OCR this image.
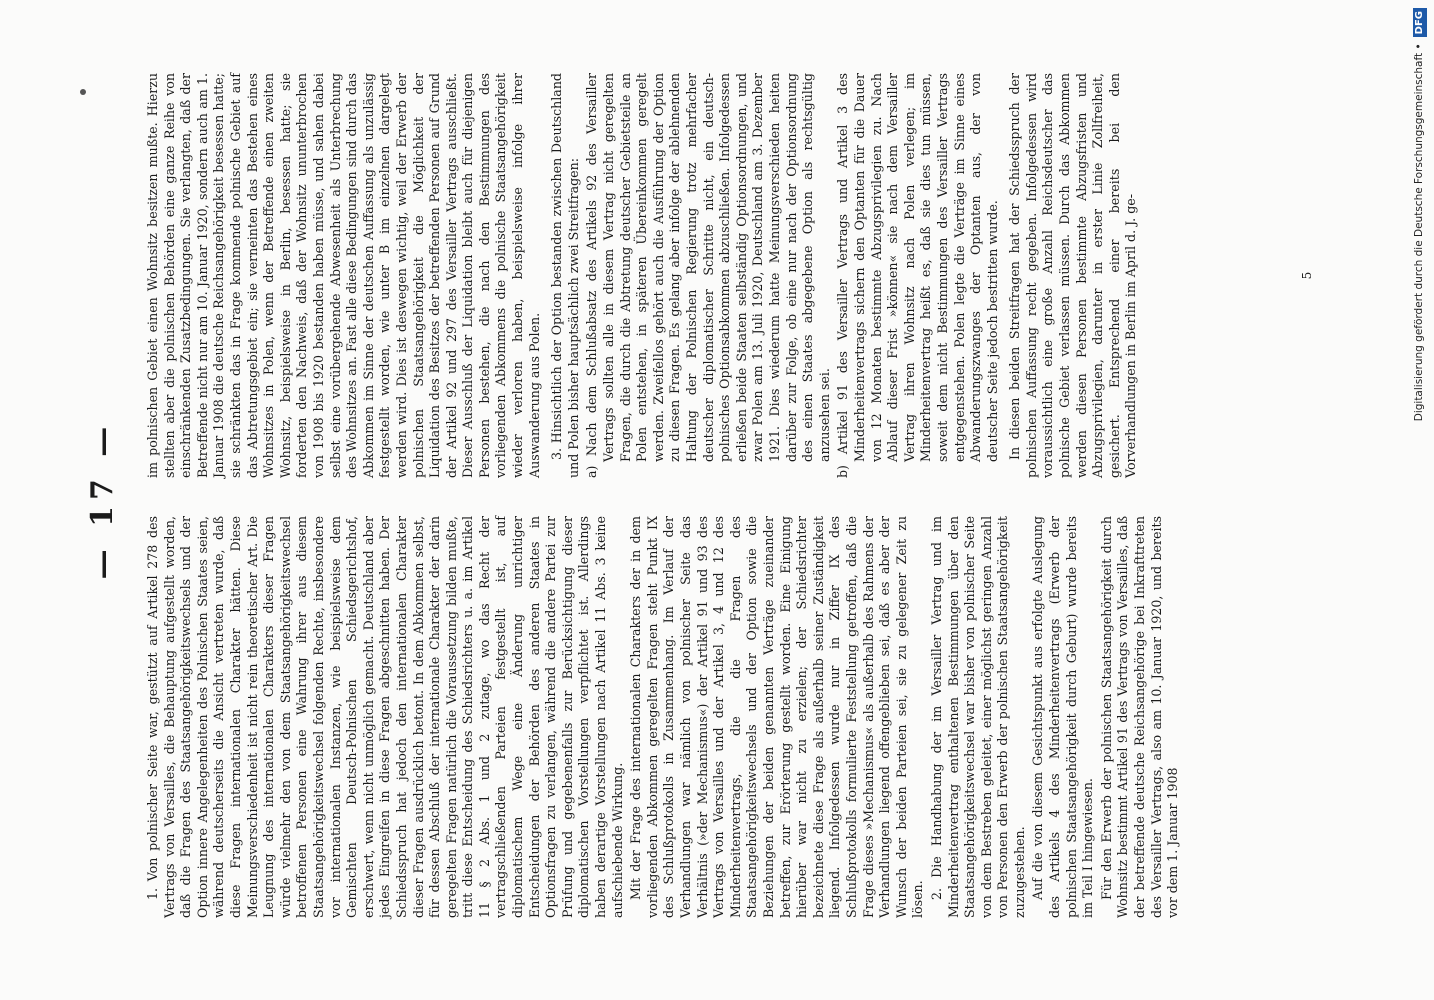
— 17 —

1. Von polnischer Seite war, gestützt auf Artikel 278 des Vertrags von Versailles, die Behauptung aufgestellt worden, daß die Fragen des Staatsangehörigkeitswechsels und der Option innere Angelegenheiten des Polnischen Staates seien, während deutscherseits die Ansicht vertreten wurde, daß diese Fragen internationalen Charakter hätten. Diese Meinungsverschiedenheit ist nicht rein theoretischer Art. Die Leugnung des internationalen Charakters dieser Fragen würde vielmehr den von dem Staatsangehörigkeitswechsel betroffenen Personen eine Wahrung ihrer aus diesem Staatsangehörigkeitswechsel folgenden Rechte, insbesondere vor internationalen Instanzen, wie beispielsweise dem Gemischten Deutsch-Polnischen Schiedsgerichtshof, erschwert, wenn nicht unmöglich gemacht. Deutschland aber jedes Eingreifen in diese Fragen abgeschnitten haben. Der Schiedsspruch hat jedoch den internationalen Charakter dieser Fragen ausdrücklich betont. In dem Abkommen selbst, für dessen Abschluß der internationale Charakter der darin geregelten Fragen natürlich die Voraussetzung bilden mußte, tritt diese Entscheidung des Schiedsrichters u. a. im Artikel 11 § 2 Abs. 1 und 2 zutage, wo das Recht der vertragschließenden Parteien festgestellt ist, auf diplomatischem Wege eine Änderung unrichtiger Entscheidungen der Behörden des anderen Staates in Optionsfragen zu verlangen, während die andere Partei zur Prüfung und gegebenenfalls zur Berücksichtigung dieser diplomatischen Vorstellungen verpflichtet ist. Allerdings haben derartige Vorstellungen nach Artikel 11 Abs. 3 keine aufschiebende Wirkung. Mit der Frage des internationalen Charakters der in dem vorliegenden Abkommen geregelten Fragen steht Punkt IX des Schlußprotokolls in Zusammenhang. Im Verlauf der Verhandlungen war nämlich von polnischer Seite das Verhältnis (»der Mechanismus«) der Artikel 91 und 93 des Vertrags von Versailles und der Artikel 3, 4 und 12 des Minderheitenvertrags, die die Fragen des Staatsangehörigkeitswechsels und der Option sowie die Beziehungen der beiden genannten Verträge zueinander betreffen, zur Erörterung gestellt worden. Eine Einigung hierüber war nicht zu erzielen; der Schiedsrichter bezeichnete diese Frage als außerhalb seiner Zuständigkeit liegend. Infolgedessen wurde nur in Ziffer IX des Schlußprotokolls formulierte Feststellung getroffen, daß die Frage dieses »Mechanismus« als außerhalb des Rahmens der Verhandlungen liegend offengeblieben sei, daß es aber der Wunsch der beiden Parteien sei, sie zu gelegener Zeit zu lösen. 2. Die Handhabung der im Versailler Vertrag und im Minderheitenvertrag enthaltenen Bestimmungen über den Staatsangehörigkeitswechsel war bisher von polnischer Seite von dem Bestreben geleitet, einer möglichst geringen Anzahl von Personen den Erwerb der polnischen Staatsangehörigkeit zuzugestehen. Auf die von diesem Gesichtspunkt aus erfolgte Auslegung des Artikels 4 des Minderheitenvertrags (Erwerb der polnischen Staatsangehörigkeit durch Geburt) wurde bereits im Teil I hingewiesen. Für den Erwerb der polnischen Staatsangehörigkeit durch Wohnsitz bestimmt Artikel 91 des Vertrags von Versailles, daß der betreffende deutsche Reichsangehörige bei Inkrafttreten des Versailler Vertrags, also am 10. Januar 1920, und bereits vor dem 1. Januar 1908

im polnischen Gebiet einen Wohnsitz besitzen mußte. Hierzu stellten aber die polnischen Behörden eine ganze Reihe von einschränkenden Zusatzbedingungen. Sie verlangten, daß der Betreffende nicht nur am 10. Januar 1920, sondern auch am 1. Januar 1908 die deutsche Reichsangehörigkeit besessen hatte; sie schränkten das in Frage kommende polnische Gebiet auf das Abtretungsgebiet ein; sie verneinten das Bestehen eines Wohnsitzes in Polen, wenn der Betreffende einen zweiten Wohnsitz, beispielsweise in Berlin, besessen hatte; sie forderten den Nachweis, daß der Wohnsitz ununterbrochen von 1908 bis 1920 bestanden haben müsse, und sahen dabei selbst eine vorübergehende Abwesenheit als Unterbrechung des Wohnsitzes an. Fast alle diese Bedingungen sind durch das Abkommen im Sinne der deutschen Auffassung als unzulässig festgestellt worden, wie unter B im einzelnen dargelegt werden wird. Dies ist deswegen wichtig, weil der Erwerb der polnischen Staatsangehörigkeit die Möglichkeit der Liquidation des Besitzes der betreffenden Personen auf Grund der Artikel 92 und 297 des Versailler Vertrags ausschließt. Dieser Ausschluß der Liquidation bleibt auch für diejenigen Personen bestehen, die nach den Bestimmungen des vorliegenden Abkommens die polnische Staatsangehörigkeit wieder verloren haben, beispielsweise infolge ihrer Auswanderung aus Polen. 3. Hinsichtlich der Option bestanden zwischen Deutschland und Polen bisher hauptsächlich zwei Streitfragen: a) Nach dem Schlußabsatz des Artikels 92 des Versailler Vertrags sollten alle in diesem Vertrag nicht geregelten Fragen, die durch die Abtretung deutscher Gebietsteile an Polen entstehen, in späteren Übereinkommen geregelt werden. Zweifellos gehört auch die Ausführung der Option zu diesen Fragen. Es gelang aber infolge der ablehnenden Haltung der Polnischen Regierung trotz mehrfacher deutscher diplomatischer Schritte nicht, ein deutsch-polnisches Optionsabkommen abzuschließen. Infolgedessen erließen beide Staaten selbständig Optionsordnungen, und zwar Polen am 13. Juli 1920, Deutschland am 3. Dezember 1921. Dies wiederum hatte Meinungsverschieden heiten darüber zur Folge, ob eine nur nach der Optionsordnung des einen Staates abgegebene Option als rechtsgültig anzusehen sei. b) Artikel 91 des Versailler Vertrags und Artikel 3 des Minderheitenvertrags sichern den Optanten für die Dauer von 12 Monaten bestimmte Abzugsprivilegien zu. Nach Ablauf dieser Frist »können« sie nach dem Versailler Vertrag ihren Wohnsitz nach Polen verlegen; im Minderheitenvertrag heißt es, daß sie dies tun müssen, soweit dem nicht Bestimmungen des Versailler Vertrags entgegenstehen. Polen legte die Verträge im Sinne eines Abwanderungszwanges der Optanten aus, der von deutscher Seite jedoch bestritten wurde. In diesen beiden Streitfragen hat der Schiedsspruch der polnischen Auffassung recht gegeben. Infolgedessen wird voraussichtlich eine große Anzahl Reichsdeutscher das polnische Gebiet verlassen müssen. Durch das Abkommen werden diesen Personen bestimmte Abzugsfristen und Abzugsprivilegien, darunter in erster Linie Zollfreiheit, gesichert. Entsprechend einer bereits bei den Vorverhandlungen in Berlin im April d. J. ge-	5	Digitalisierung gefördert durch die Deutsche Forschungsgemeinschaft •DFG
